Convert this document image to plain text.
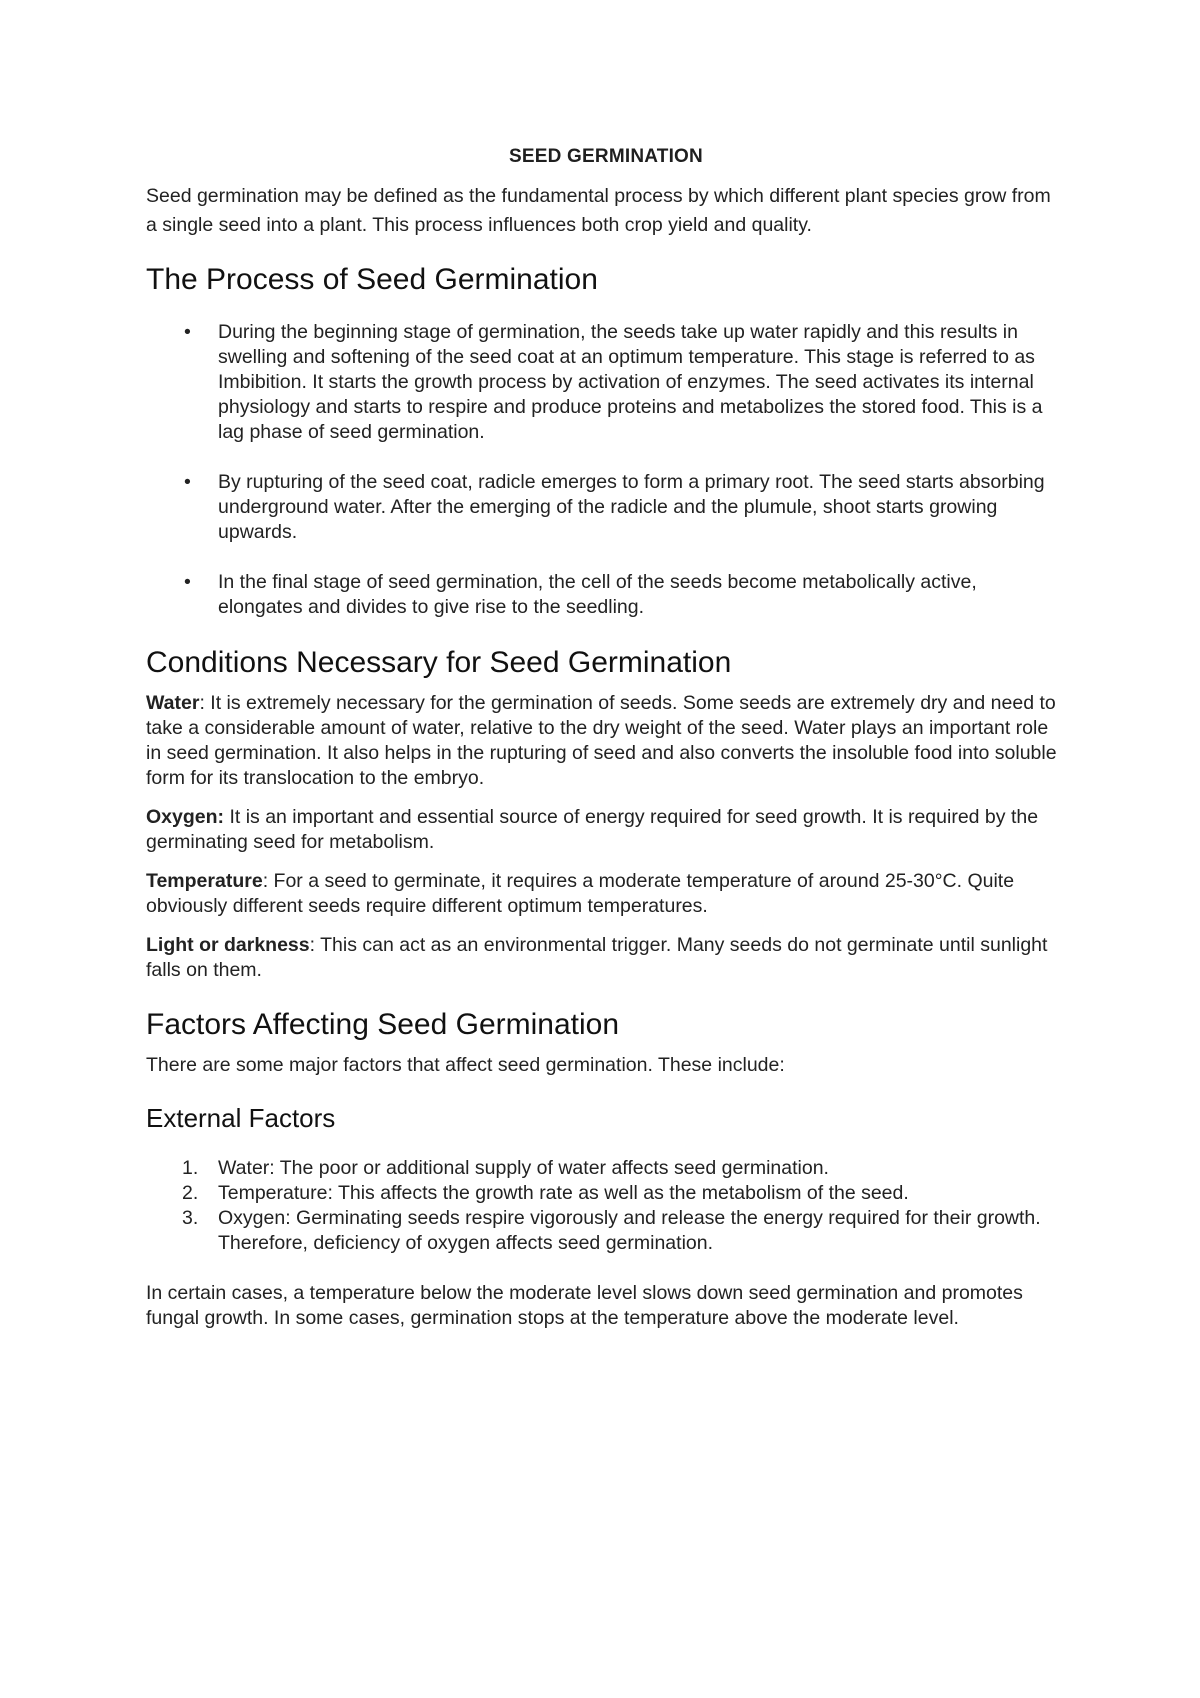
SEED GERMINATION

Seed germination may be defined as the fundamental process by which different plant species grow from a single seed into a plant. This process influences both crop yield and quality.

The Process of Seed Germination
• During the beginning stage of germination, the seeds take up water rapidly and this results in swelling and softening of the seed coat at an optimum temperature. This stage is referred to as Imbibition. It starts the growth process by activation of enzymes. The seed activates its internal physiology and starts to respire and produce proteins and metabolizes the stored food. This is a lag phase of seed germination.
• By rupturing of the seed coat, radicle emerges to form a primary root. The seed starts absorbing underground water. After the emerging of the radicle and the plumule, shoot starts growing upwards.
• In the final stage of seed germination, the cell of the seeds become metabolically active, elongates and divides to give rise to the seedling.
Conditions Necessary for Seed Germination

Water: It is extremely necessary for the germination of seeds. Some seeds are extremely dry and need to take a considerable amount of water, relative to the dry weight of the seed. Water plays an important role in seed germination. It also helps in the rupturing of seed and also converts the insoluble food into soluble form for its translocation to the embryo.

Oxygen: It is an important and essential source of energy required for seed growth. It is required by the germinating seed for metabolism.

Temperature: For a seed to germinate, it requires a moderate temperature of around 25-30°C. Quite obviously different seeds require different optimum temperatures.

Light or darkness: This can act as an environmental trigger. Many seeds do not germinate until sunlight falls on them.

Factors Affecting Seed Germination

There are some major factors that affect seed germination. These include:

External Factors
1. Water: The poor or additional supply of water affects seed germination.
2. Temperature: This affects the growth rate as well as the metabolism of the seed.
3. Oxygen: Germinating seeds respire vigorously and release the energy required for their growth. Therefore, deficiency of oxygen affects seed germination.

In certain cases, a temperature below the moderate level slows down seed germination and promotes fungal growth. In some cases, germination stops at the temperature above the moderate level.
